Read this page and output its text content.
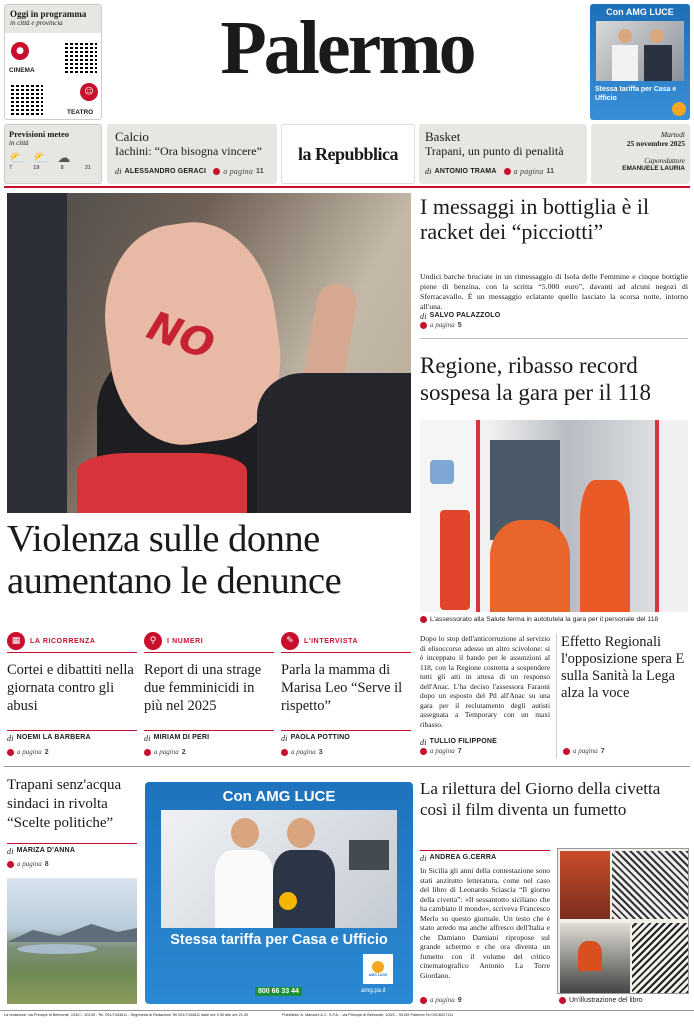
Oggi in programma
in città e provincia
●
CINEMA
☺
TEATRO
Palermo	Con AMG LUCE
Stessa tariffa per Casa e Ufficio
Previsioni meteo
in città
⛅ ⛅ ☁
7	19	8	21
Calcio
Iachini: “Ora bisogna vincere”
di ALESSANDRO GERACI a pagina 11
la Repubblica
Basket
Trapani, un punto di penalità
di ANTONIO TRAMA a pagina 11
Martedì
25 novembre 2025
Caporedattore
EMANUELE LAURIA
NO
Violenza sulle donne
aumentano le denunce
I messaggi in bottiglia è il racket dei “picciotti”
Undici barche bruciate in un rimessaggio di Isola delle Femmine e cinque bottiglie piene di benzina, con la scritta “5.000 euro”, davanti ad alcuni negozi di Sferracavallo. È un messaggio eclatante quello lasciato la scorsa notte, intorno all'una.
di SALVO PALAZZOLO
a pagina 5
Regione, ribasso record sospesa la gara per il 118
L'assessorato alla Salute ferma in autotutela la gara per il personale del 118
Dopo lo stop dell'anticorruzione al servizio di elisoccorso adesso un altro scivolone: si è inceppato il bando per le assunzioni al 118, con la Regione costretta a sospendere tutti gli atti in attesa di un responso dell'Anac. L'ha deciso l'assessora Faraoni dopo un esposto del Pd all'Anac su una gara per il reclutamento degli autisti assegnata a Temporary con un maxi ribasso.
di TULLIO FILIPPONE
a pagina 7
Effetto Regionali l'opposizione spera E sulla Sanità la Lega alza la voce
a pagina 7
▦	LA RICORRENZA
Cortei e dibattiti nella giornata contro gli abusi
di NOEMI LA BARBERA
a pagina 2
⚲	I NUMERI
Report di una strage due femminicidi in più nel 2025
di MIRIAM DI PERI
a pagina 2
✎	L'INTERVISTA
Parla la mamma di Marisa Leo “Serve il rispetto”
di PAOLA POTTINO
a pagina 3
Trapani senz'acqua sindaci in rivolta “Scelte politiche”
di MARIZA D'ANNA
a pagina 8
Con AMG LUCE
Stessa tariffa per Casa e Ufficio
800 66 33 44
AMG LUCE
amg.pa.it
La rilettura del Giorno della civetta così il film diventa un fumetto
di ANDREA G.CERRA
In Sicilia gli anni della contestazione sono stati anzitutto letteratura, come nel caso del libro di Leonardo Sciascia “Il giorno della civetta”: «Il sessantotto siciliano che ha cambiato il mondo», scriveva Francesco Merlo su questo giornale. Un testo che è stato arredo ma anche affresco dell'Italia e che Damiano Damiani ripropose sul grande schermo e che ora diventa un fumetto con il volume del critico cinematografico Antonio La Torre Giordano.
a pagina 9	Un'illustrazione del libro
La redazione: via Principe di Belmonte, 103/C - 90139 - Tel. 091/7434611 - Segreteria di Redazione Tel 091/7434611 dalle ore 9.30 alle ore 21.00	Pubblicità: A. Manzoni & C. S.P.A. - via Principe di Belmonte, 103/C - 90139 Palermo Tel 091/6027111
